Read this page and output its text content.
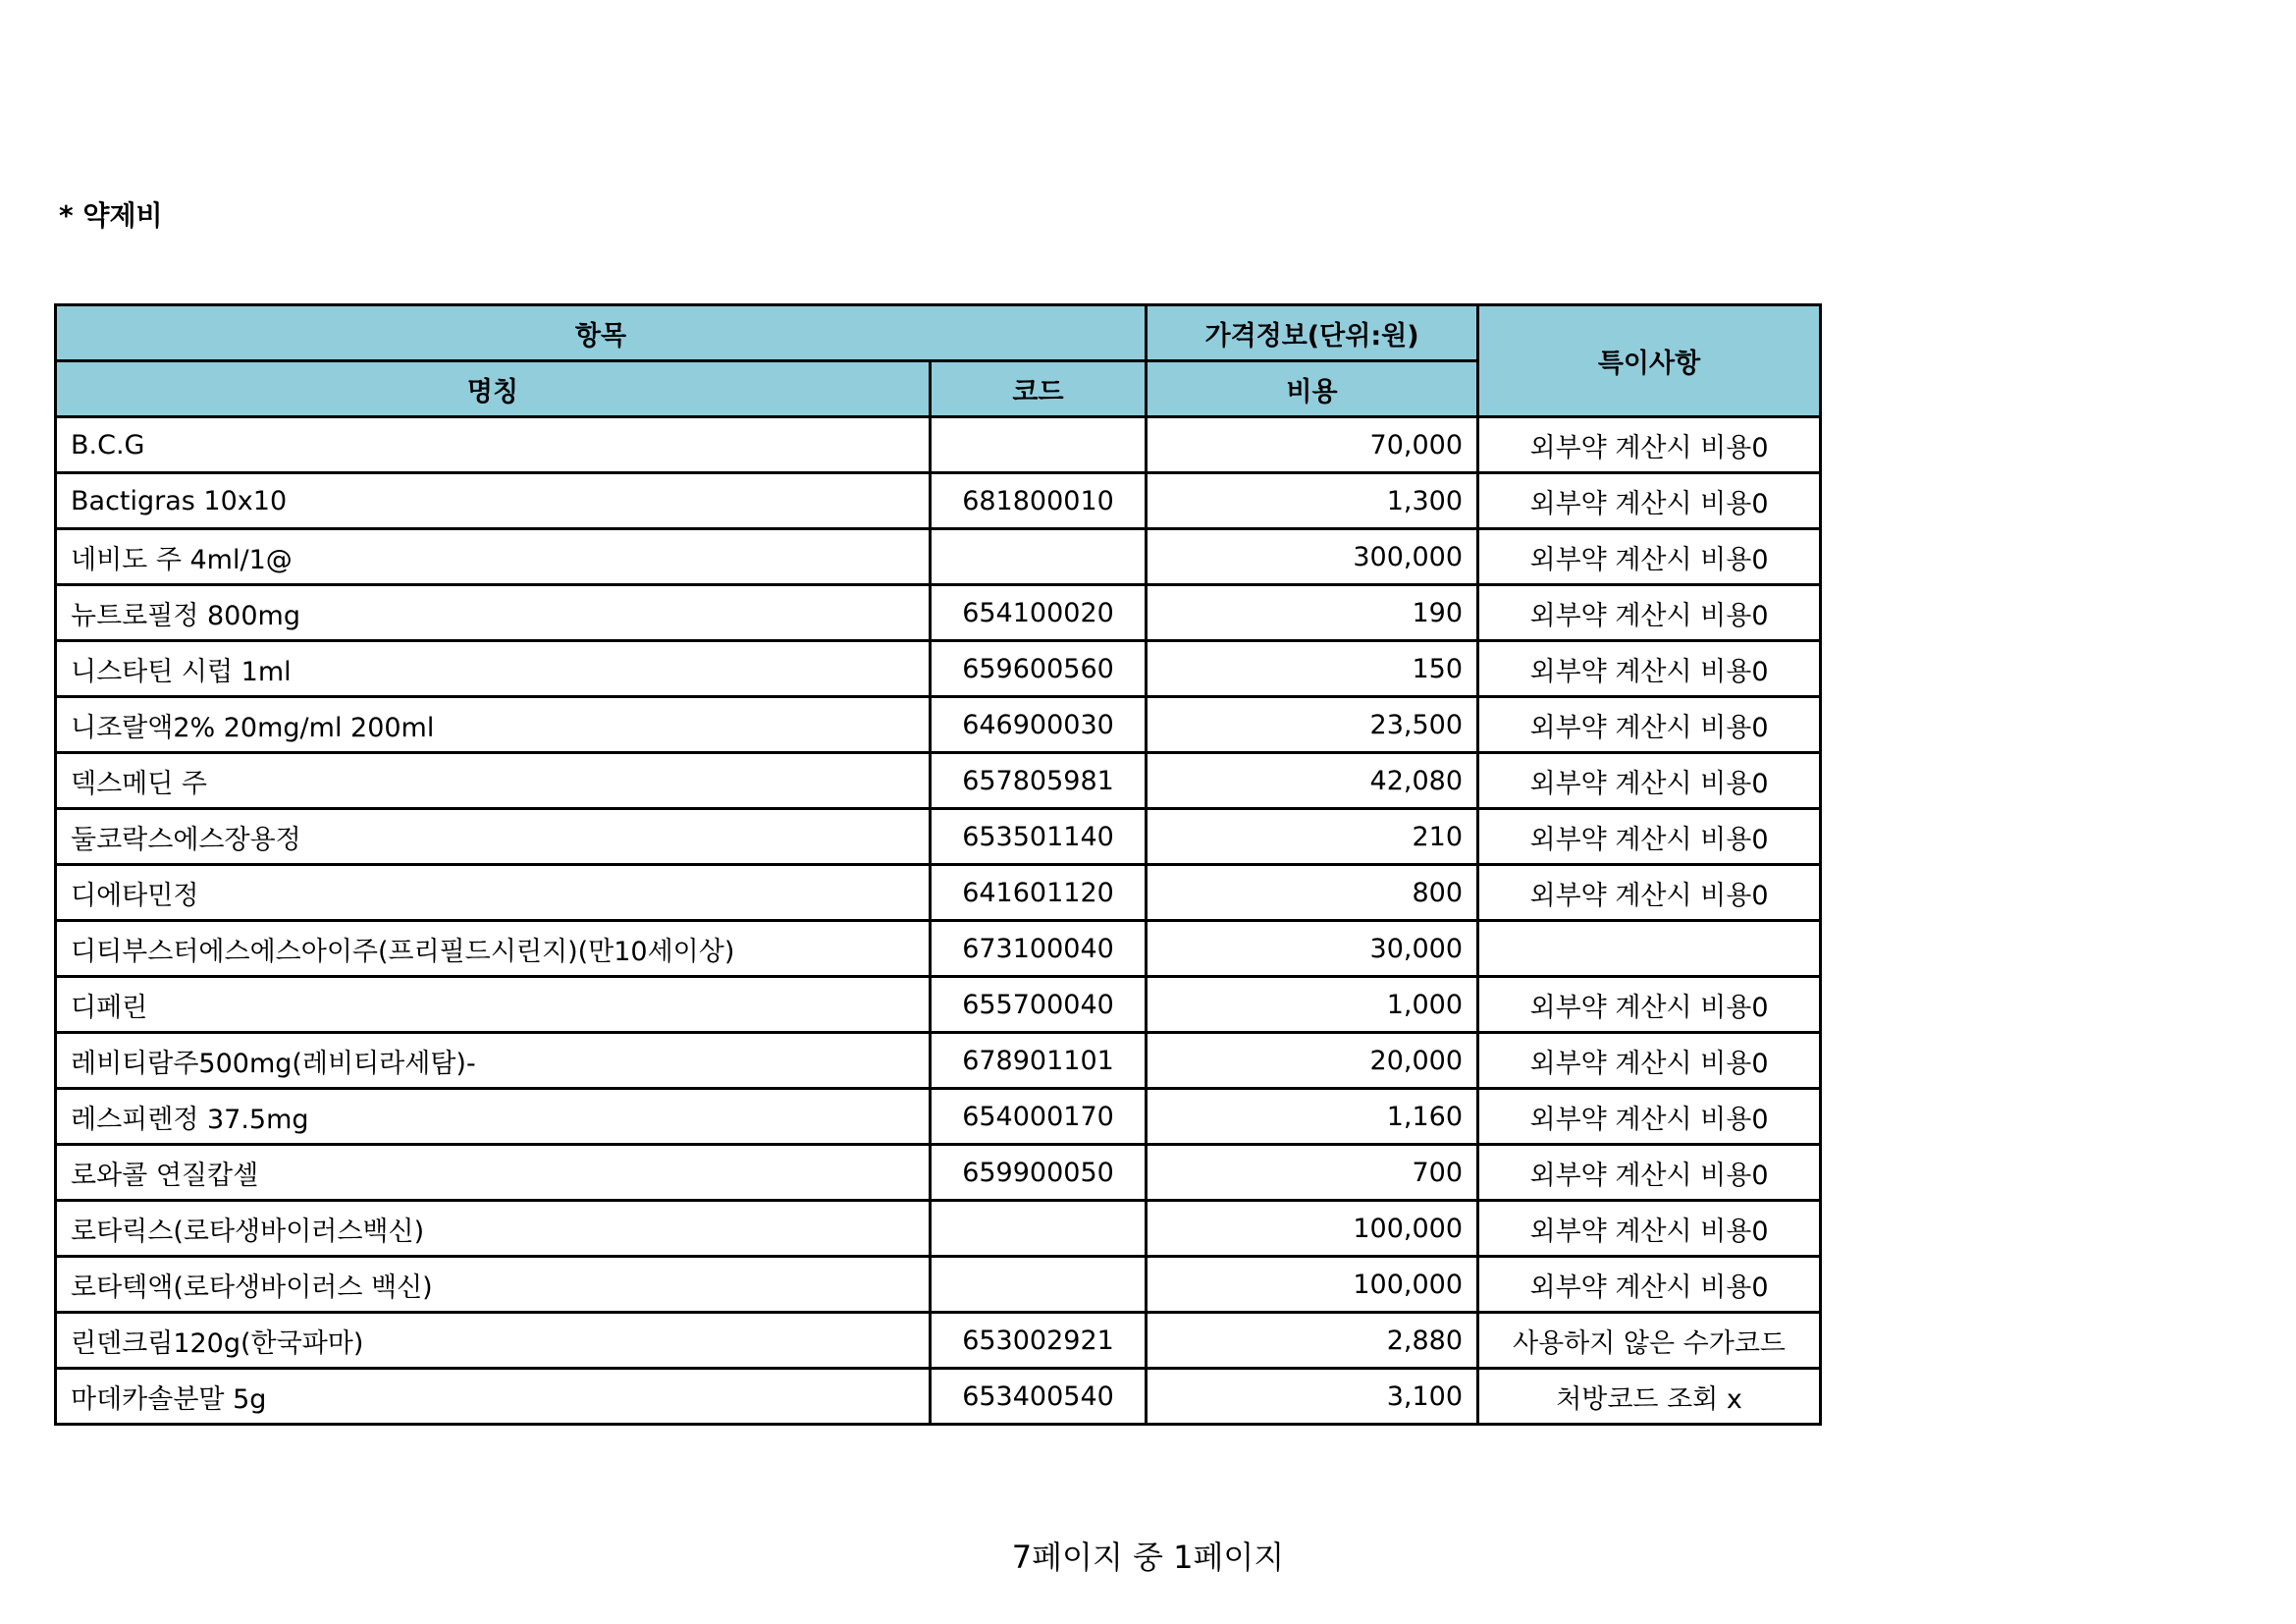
* 약제비
항목		가격정보(단위:원)	특이사항
명칭	코드	비용	
B.C.G		70,000	외부약 계산시 비용0
Bactigras 10x10	681800010	1,300	외부약 계산시 비용0
네비도 주 4ml/1@		300,000	외부약 계산시 비용0
뉴트로필정 800mg	654100020	190	외부약 계산시 비용0
니스타틴 시럽 1ml	659600560	150	외부약 계산시 비용0
니조랄액2% 20mg/ml 200ml	646900030	23,500	외부약 계산시 비용0
덱스메딘 주	657805981	42,080	외부약 계산시 비용0
둘코락스에스장용정	653501140	210	외부약 계산시 비용0
디에타민정	641601120	800	외부약 계산시 비용0
디티부스터에스에스아이주(프리필드시린지)(만10세이상)	673100040	30,000	
디페린	655700040	1,000	외부약 계산시 비용0
레비티람주500mg(레비티라세탐)-	678901101	20,000	외부약 계산시 비용0
레스피렌정 37.5mg	654000170	1,160	외부약 계산시 비용0
로와콜 연질캅셀	659900050	700	외부약 계산시 비용0
로타릭스(로타생바이러스백신)		100,000	외부약 계산시 비용0
로타텍액(로타생바이러스 백신)		100,000	외부약 계산시 비용0
린덴크림120g(한국파마)	653002921	2,880	사용하지 않은 수가코드
마데카솔분말 5g	653400540	3,100	처방코드 조회 x
7페이지 중 1페이지
